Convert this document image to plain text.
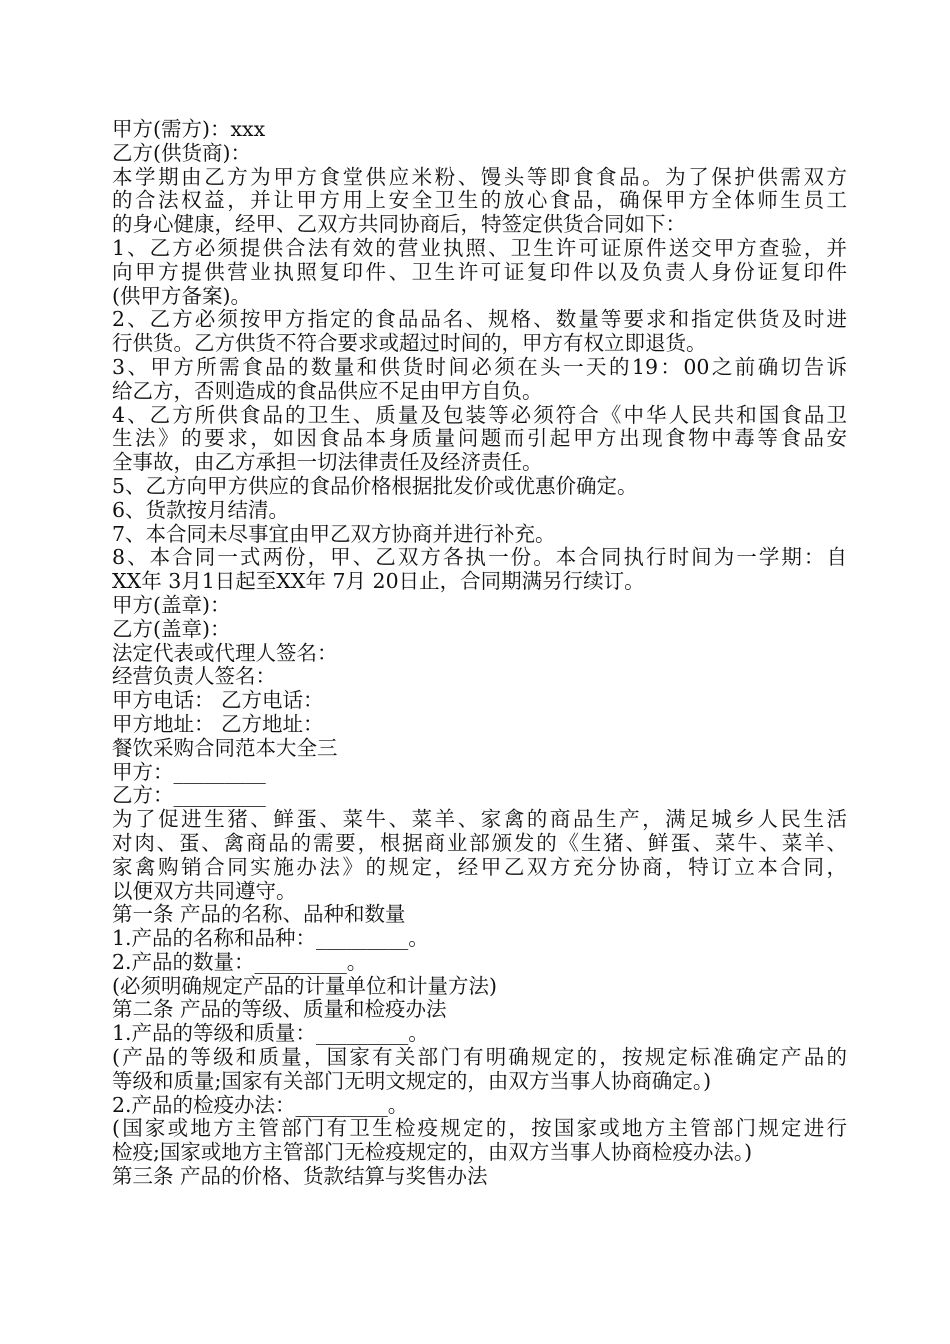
甲方(需方)：xxx
乙方(供货商)：
本学期由乙方为甲方食堂供应米粉、馒头等即食食品。为了保护供需双方
的合法权益，并让甲方用上安全卫生的放心食品，确保甲方全体师生员工
的身心健康，经甲、乙双方共同协商后，特签定供货合同如下：
1、乙方必须提供合法有效的营业执照、卫生许可证原件送交甲方查验，并
向甲方提供营业执照复印件、卫生许可证复印件以及负责人身份证复印件
(供甲方备案)。
2、乙方必须按甲方指定的食品品名、规格、数量等要求和指定供货及时进
行供货。乙方供货不符合要求或超过时间的，甲方有权立即退货。
3、甲方所需食品的数量和供货时间必须在头一天的19：00之前确切告诉
给乙方，否则造成的食品供应不足由甲方自负。
4、乙方所供食品的卫生、质量及包装等必须符合《中华人民共和国食品卫
生法》的要求，如因食品本身质量问题而引起甲方出现食物中毒等食品安
全事故，由乙方承担一切法律责任及经济责任。
5、乙方向甲方供应的食品价格根据批发价或优惠价确定。
6、货款按月结清。
7、本合同未尽事宜由甲乙双方协商并进行补充。
8、本合同一式两份，甲、乙双方各执一份。本合同执行时间为一学期：自
XX年 3月1日起至XX年 7月 20日止，合同期满另行续订。
甲方(盖章)：
乙方(盖章)：
法定代表或代理人签名：
经营负责人签名：
甲方电话： 乙方电话：
甲方地址： 乙方地址：
餐饮采购合同范本大全三
甲方：_________
乙方：_________
为了促进生猪、鲜蛋、菜牛、菜羊、家禽的商品生产，满足城乡人民生活
对肉、蛋、禽商品的需要，根据商业部颁发的《生猪、鲜蛋、菜牛、菜羊、
家禽购销合同实施办法》的规定，经甲乙双方充分协商，特订立本合同，
以便双方共同遵守。
第一条 产品的名称、品种和数量
1.产品的名称和品种：_________。
2.产品的数量：_________。
(必须明确规定产品的计量单位和计量方法)
第二条 产品的等级、质量和检疫办法
1.产品的等级和质量：_________。
(产品的等级和质量，国家有关部门有明确规定的，按规定标准确定产品的
等级和质量;国家有关部门无明文规定的，由双方当事人协商确定。)
2.产品的检疫办法：_________。
(国家或地方主管部门有卫生检疫规定的，按国家或地方主管部门规定进行
检疫;国家或地方主管部门无检疫规定的，由双方当事人协商检疫办法。)
第三条 产品的价格、货款结算与奖售办法
